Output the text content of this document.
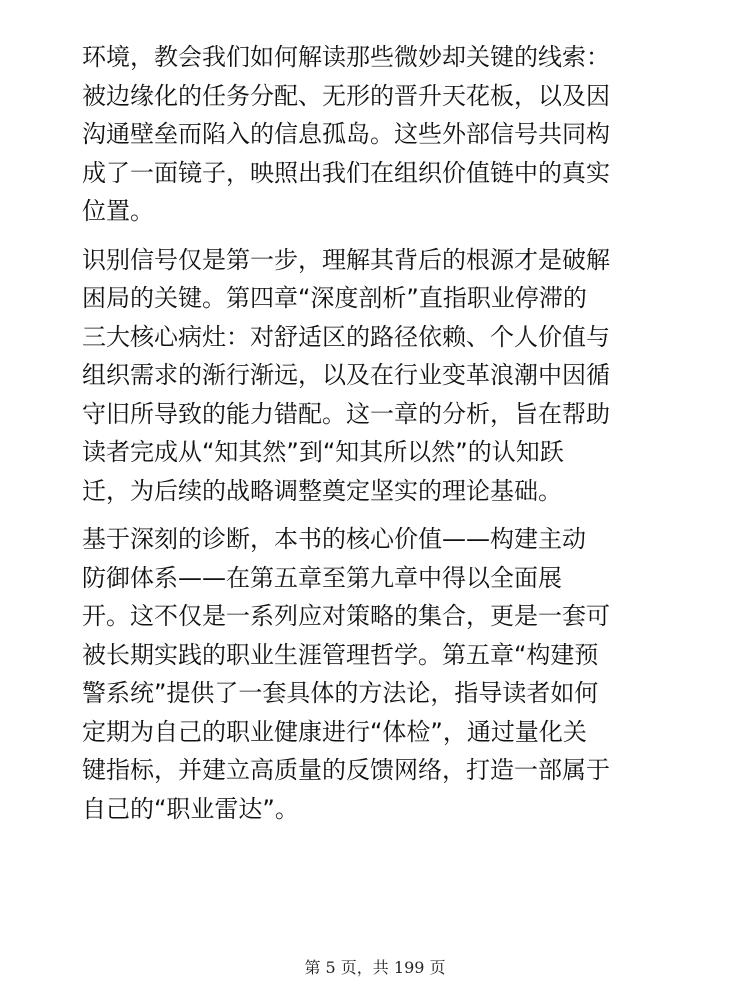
环境，教会我们如何解读那些微妙却关键的线索：
被边缘化的任务分配、无形的晋升天花板，以及因
沟通壁垒而陷入的信息孤岛。这些外部信号共同构
成了一面镜子，映照出我们在组织价值链中的真实
位置。
识别信号仅是第一步，理解其背后的根源才是破解
困局的关键。第四章“深度剖析”直指职业停滞的
三大核心病灶：对舒适区的路径依赖、个人价值与
组织需求的渐行渐远，以及在行业变革浪潮中因循
守旧所导致的能力错配。这一章的分析，旨在帮助
读者完成从“知其然”到“知其所以然”的认知跃
迁，为后续的战略调整奠定坚实的理论基础。
基于深刻的诊断，本书的核心价值——构建主动
防御体系——在第五章至第九章中得以全面展
开。这不仅是一系列应对策略的集合，更是一套可
被长期实践的职业生涯管理哲学。第五章“构建预
警系统”提供了一套具体的方法论，指导读者如何
定期为自己的职业健康进行“体检”，通过量化关
键指标，并建立高质量的反馈网络，打造一部属于
自己的“职业雷达”。
第 5 页，共 199 页
